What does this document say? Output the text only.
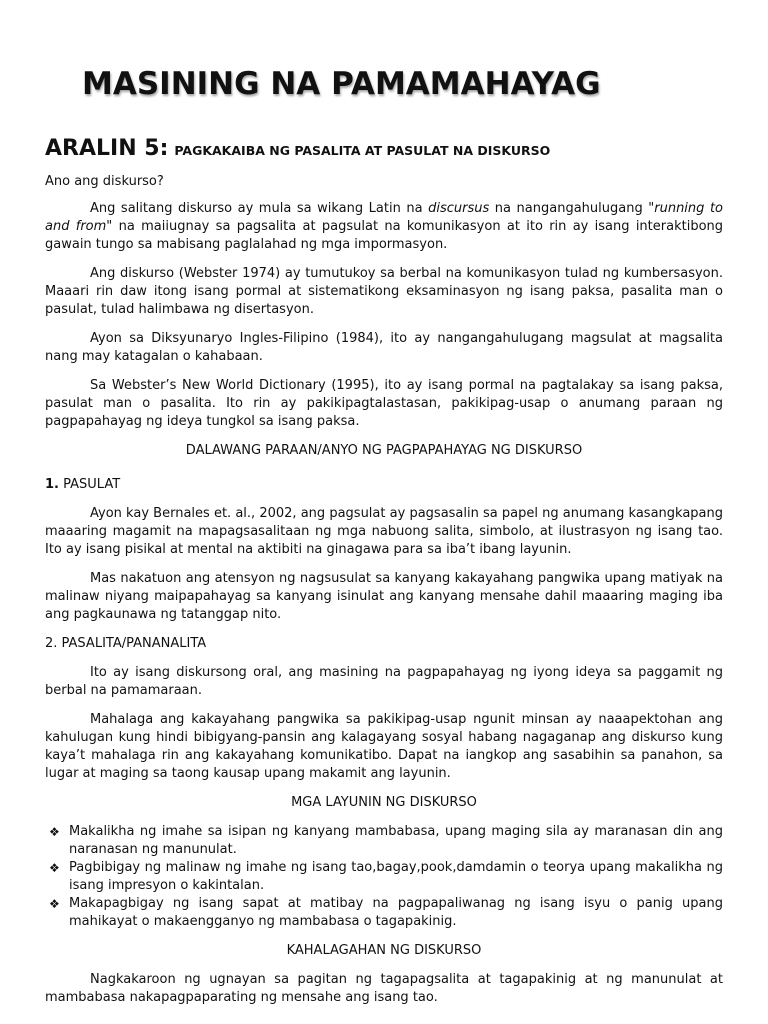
MASINING NA PAMAMAHAYAG
ARALIN 5: PAGKAKAIBA NG PASALITA AT PASULAT NA DISKURSO

Ano ang diskurso?

Ang salitang diskurso ay mula sa wikang Latin na discursus na nangangahulugang "running to and from" na maiiugnay sa pagsalita at pagsulat na komunikasyon at ito rin ay isang interaktibong gawain tungo sa mabisang paglalahad ng mga impormasyon.

Ang diskurso (Webster 1974) ay tumutukoy sa berbal na komunikasyon tulad ng kumbersasyon. Maaari rin daw itong isang pormal at sistematikong eksaminasyon ng isang paksa, pasalita man o pasulat, tulad halimbawa ng disertasyon.

Ayon sa Diksyunaryo Ingles-Filipino (1984), ito ay nangangahulugang magsulat at magsalita nang may katagalan o kahabaan.

Sa Webster’s New World Dictionary (1995), ito ay isang pormal na pagtalakay sa isang paksa, pasulat man o pasalita. Ito rin ay pakikipagtalastasan, pakikipag-usap o anumang paraan ng pagpapahayag ng ideya tungkol sa isang paksa.

DALAWANG PARAAN/ANYO NG PAGPAPAHAYAG NG DISKURSO

1. PASULAT

Ayon kay Bernales et. al., 2002, ang pagsulat ay pagsasalin sa papel ng anumang kasangkapang maaaring magamit na mapagsasalitaan ng mga nabuong salita, simbolo, at ilustrasyon ng isang tao. Ito ay isang pisikal at mental na aktibiti na ginagawa para sa iba’t ibang layunin.

Mas nakatuon ang atensyon ng nagsusulat sa kanyang kakayahang pangwika upang matiyak na malinaw niyang maipapahayag sa kanyang isinulat ang kanyang mensahe dahil maaaring maging iba ang pagkaunawa ng tatanggap nito.

2. PASALITA/PANANALITA

Ito ay isang diskursong oral, ang masining na pagpapahayag ng iyong ideya sa paggamit ng berbal na pamamaraan.

Mahalaga ang kakayahang pangwika sa pakikipag-usap ngunit minsan ay naaapektohan ang kahulugan kung hindi bibigyang-pansin ang kalagayang sosyal habang nagaganap ang diskurso kung kaya’t mahalaga rin ang kakayahang komunikatibo. Dapat na iangkop ang sasabihin sa panahon, sa lugar at maging sa taong kausap upang makamit ang layunin.

MGA LAYUNIN NG DISKURSO

❖ Makalikha ng imahe sa isipan ng kanyang mambabasa, upang maging sila ay maranasan din ang naranasan ng manunulat.
❖ Pagbibigay ng malinaw ng imahe ng isang tao,bagay,pook,damdamin o teorya upang makalikha ng isang impresyon o kakintalan.
❖ Makapagbigay ng isang sapat at matibay na pagpapaliwanag ng isang isyu o panig upang mahikayat o makaengganyo ng mambabasa o tagapakinig.

KAHALAGAHAN NG DISKURSO

Nagkakaroon ng ugnayan sa pagitan ng tagapagsalita at tagapakinig at ng manunulat at mambabasa nakapagpaparating ng mensahe ang isang tao.
